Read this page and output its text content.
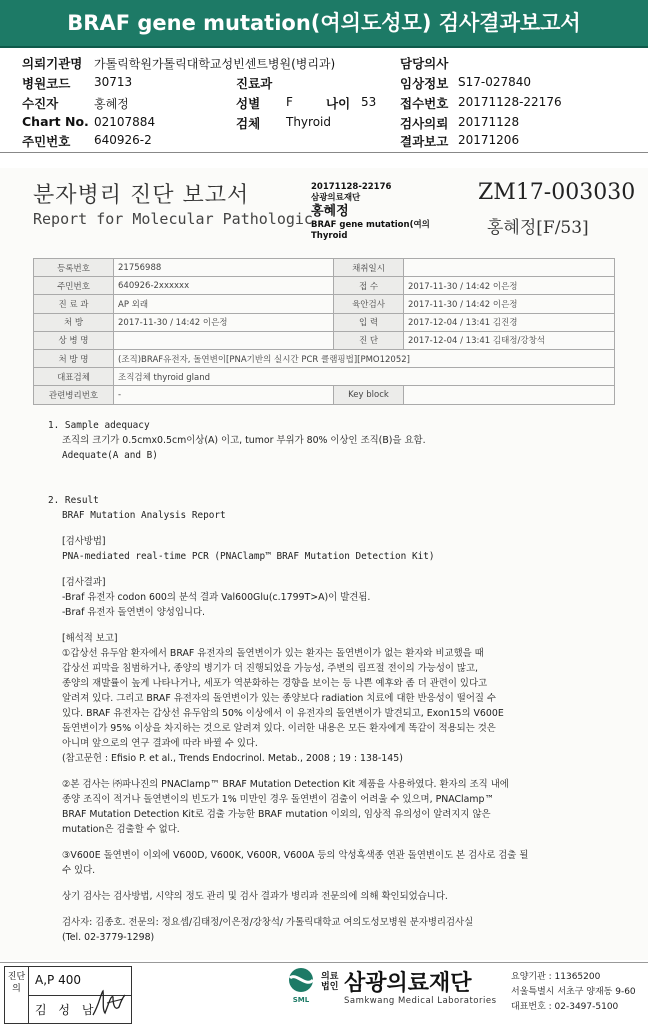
BRAF gene mutation(여의도성모) 검사결과보고서
의뢰기관명 가톨릭학원가톨릭대학교성빈센트병원(병리과)	담당의사
병원코드 30713	진료과	임상정보 S17-027840
수진자	홍혜정	성별 F	나이 53 접수번호 20171128-22176
Chart No. 02107884	검체 Thyroid	검사의뢰 20171128
주민번호 640926-2	결과보고 20171206
분자병리 진단 보고서
Report for Molecular Pathologic
20171128-22176
삼광의료재단
홍혜정
BRAF gene mutation(여의
Thyroid
ZM17-003030
홍혜정[F/53]
등록번호	21756988	채취일시	
주민번호	640926-2xxxxxx	접 수	2017-11-30 / 14:42 이은정
진 료 과	AP 외래	육안검사	2017-11-30 / 14:42 이은정
처 방	2017-11-30 / 14:42 이은정	입 력	2017-12-04 / 13:41 김진경
상 병 명		진 단	2017-12-04 / 13:41 김태정/강창석
처 방 명	(조직)BRAF유전자, 돌연변이[PNA기반의 실시간 PCR 클램핑법][PMO12052]		
대표검체	조직검체 thyroid gland		
관련병리번호	-	Key block	

1. Sample adequacy

조직의 크기가 0.5cmx0.5cm이상(A) 이고, tumor 부위가 80% 이상인 조직(B)을 요함.

Adequate(A and B)

2. Result

BRAF Mutation Analysis Report

[검사방법]

PNA-mediated real-time PCR (PNAClamp™ BRAF Mutation Detection Kit)

[검사결과]

-Braf 유전자 codon 600의 분석 결과 Val600Glu(c.1799T>A)이 발견됨.

-Braf 유전자 돌연변이 양성입니다.

[해석적 보고]

①갑상선 유두암 환자에서 BRAF 유전자의 돌연변이가 있는 환자는 돌연변이가 없는 환자와 비교했을 때

갑상선 피막을 침범하거나, 종양의 병기가 더 진행되었을 가능성, 주변의 림프절 전이의 가능성이 많고,

종양의 재발률이 높게 나타나거나, 세포가 역분화하는 경향을 보이는 등 나쁜 예후와 좀 더 관련이 있다고

알려져 있다. 그리고 BRAF 유전자의 돌연변이가 있는 종양보다 radiation 치료에 대한 반응성이 떨어질 수

있다. BRAF 유전자는 갑상선 유두암의 50% 이상에서 이 유전자의 돌연변이가 발견되고, Exon15의 V600E

돌연변이가 95% 이상을 차지하는 것으로 알려져 있다. 이러한 내용은 모든 환자에게 똑같이 적용되는 것은

아니며 앞으로의 연구 결과에 따라 바뀔 수 있다.

(참고문헌 : Efisio P. et al., Trends Endocrinol. Metab., 2008 ; 19 : 138-145)

②본 검사는 ㈜파나진의 PNAClamp™ BRAF Mutation Detection Kit 제품을 사용하였다. 환자의 조직 내에

종양 조직이 적거나 돌연변이의 빈도가 1% 미만인 경우 돌연변이 검출이 어려울 수 있으며, PNAClamp™

BRAF Mutation Detection Kit로 검출 가능한 BRAF mutation 이외의, 임상적 유의성이 알려지지 않은

mutation은 검출할 수 없다.

③V600E 돌연변이 이외에 V600D, V600K, V600R, V600A 등의 악성흑색종 연관 돌연변이도 본 검사로 검출 될

수 있다.

상기 검사는 검사방법, 시약의 정도 관리 및 검사 결과가 병리과 전문의에 의해 확인되었습니다.

검사자: 김종호. 전문의: 정요셉/김태정/이은정/강창석/ 가톨릭대학교 여의도성모병원 분자병리검사실

(Tel. 02-3779-1298)

진단의
A,P 400
김 성 남
SML
의료
법인 삼광의료재단
Samkwang Medical Laboratories
요양기관 : 11365200
서울특별시 서초구 양재동 9-60
대표번호 : 02-3497-5100
